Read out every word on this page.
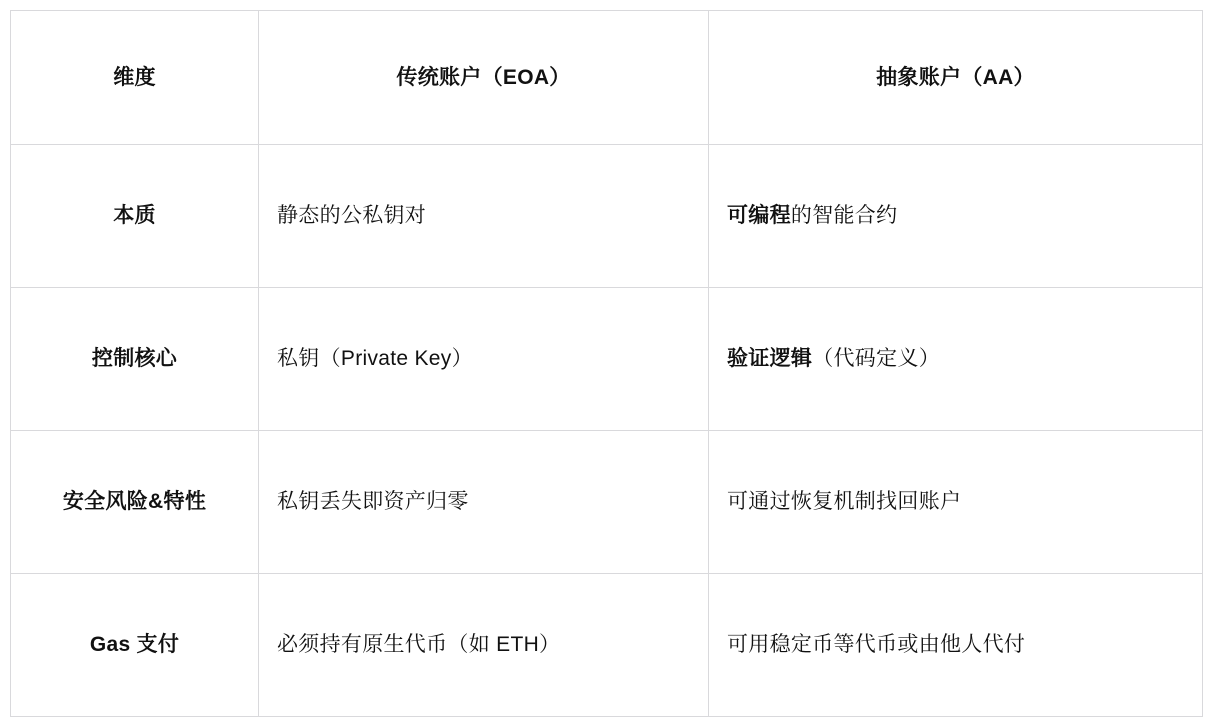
维度	传统账户（EOA）	抽象账户（AA）
本质	静态的公私钥对	可编程的智能合约
控制核心	私钥（Private Key）	验证逻辑（代码定义）
安全风险&特性	私钥丢失即资产归零	可通过恢复机制找回账户
Gas 支付	必须持有原生代币（如 ETH）	可用稳定币等代币或由他人代付
